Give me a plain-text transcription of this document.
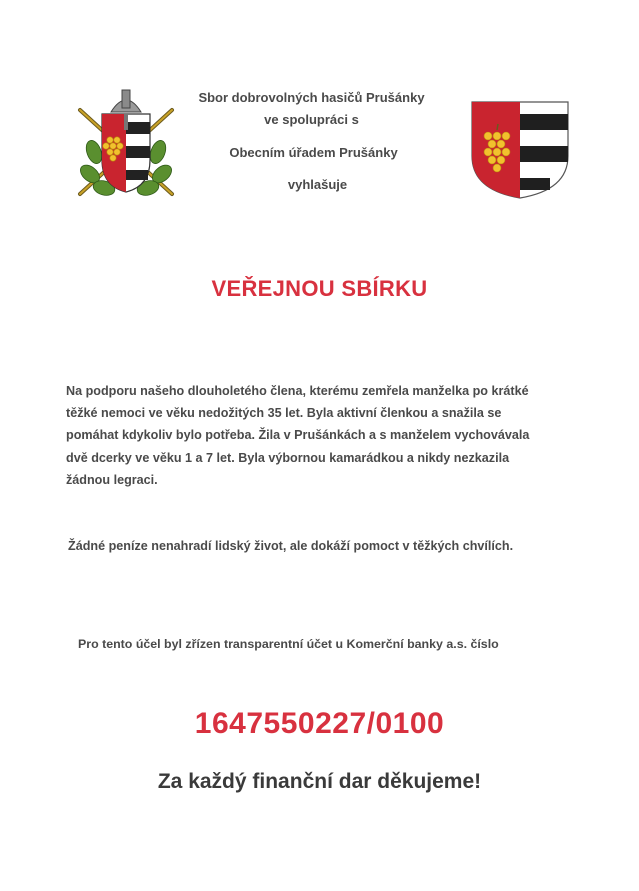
Sbor dobrovolných hasičů Prušánky
ve spolupráci s
Obecním úřadem Prušánky
vyhlašuje
VEŘEJNOU SBÍRKU
Na podporu našeho dlouholetého člena, kterému zemřela manželka po krátké
těžké nemoci ve věku nedožitých 35 let. Byla aktivní členkou a snažila se
pomáhat kdykoliv bylo potřeba. Žila v Prušánkách a s manželem vychovávala
dvě dcerky ve věku 1 a 7 let. Byla výbornou kamarádkou a nikdy nezkazila
žádnou legraci.
Žádné peníze nenahradí lidský život, ale dokáží pomoct v těžkých chvílích.
Pro tento účel byl zřízen transparentní účet u Komerční banky a.s. číslo
1647550227/0100
Za každý finanční dar děkujeme!
